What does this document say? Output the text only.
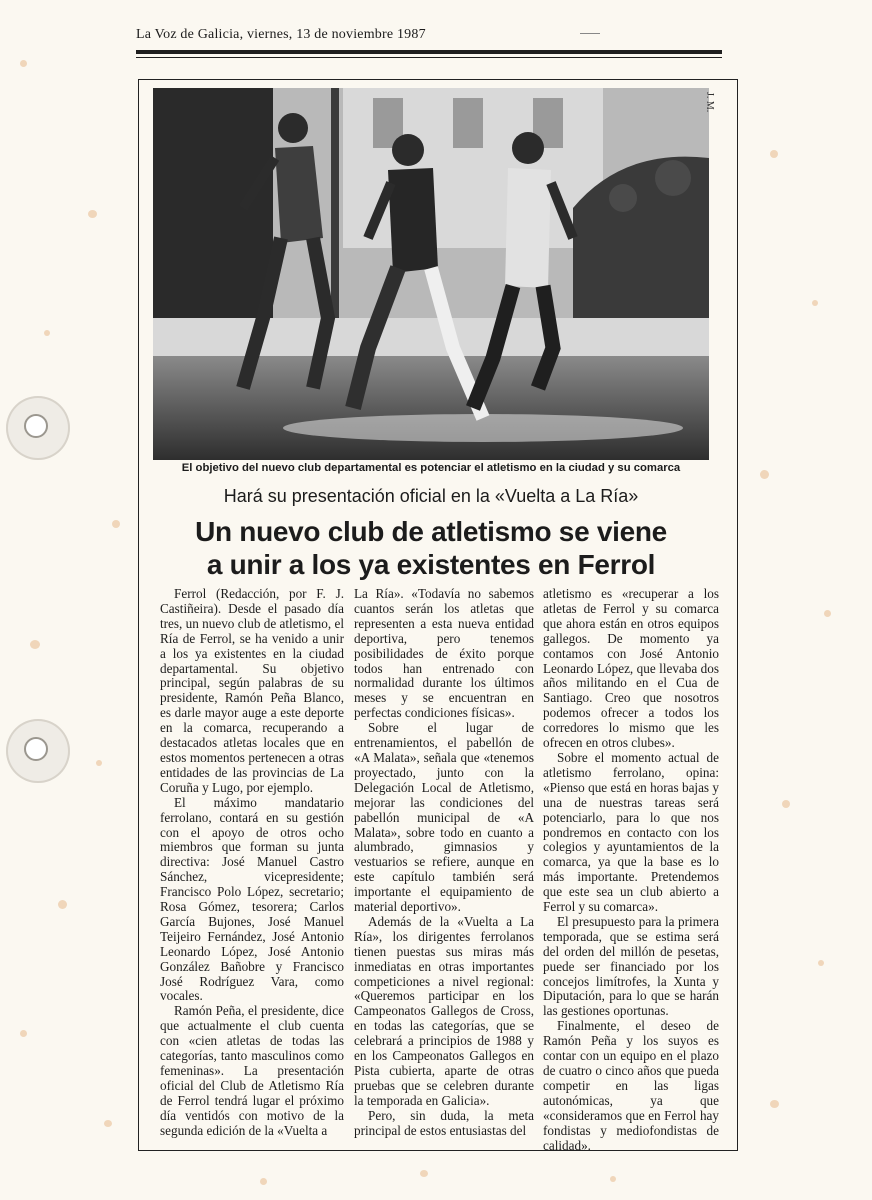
La Voz de Galicia, viernes, 13 de noviembre 1987
J. M.
El objetivo del nuevo club departamental es potenciar el atletismo en la ciudad y su comarca
Hará su presentación oficial en la «Vuelta a La Ría»
Un nuevo club de atletismo se viene
a unir a los ya existentes en Ferrol

Ferrol (Redacción, por F. J. Castiñeira). Desde el pasado día tres, un nuevo club de atletismo, el Ría de Ferrol, se ha venido a unir a los ya existentes en la ciudad departamental. Su objetivo principal, según palabras de su presidente, Ramón Peña Blanco, es darle mayor auge a este deporte en la comarca, recuperando a destacados atletas locales que en estos momentos pertenecen a otras entidades de las provincias de La Coruña y Lugo, por ejemplo.

El máximo mandatario ferrolano, contará en su gestión con el apoyo de otros ocho miembros que forman su junta directiva: José Manuel Castro Sánchez, vicepresidente; Francisco Polo López, secretario; Rosa Gómez, tesorera; Carlos García Bujones, José Manuel Teijeiro Fernández, José Antonio Leonardo López, José Antonio González Bañobre y Francisco José Rodríguez Vara, como vocales.

Ramón Peña, el presidente, dice que actualmente el club cuenta con «cien atletas de todas las categorías, tanto masculinos como femeninas». La presentación oficial del Club de Atletismo Ría de Ferrol tendrá lugar el próximo día ventidós con motivo de la segunda edición de la «Vuelta a

La Ría». «Todavía no sabemos cuantos serán los atletas que representen a esta nueva entidad deportiva, pero tenemos posibilidades de éxito porque todos han entrenado con normalidad durante los últimos meses y se encuentran en perfectas condiciones físicas».

Sobre el lugar de entrenamientos, el pabellón de «A Malata», señala que «tenemos proyectado, junto con la Delegación Local de Atletismo, mejorar las condiciones del pabellón municipal de «A Malata», sobre todo en cuanto a alumbrado, gimnasios y vestuarios se refiere, aunque en este capítulo también será importante el equipamiento de material deportivo».

Además de la «Vuelta a La Ría», los dirigentes ferrolanos tienen puestas sus miras más inmediatas en otras importantes competiciones a nivel regional: «Queremos participar en los Campeonatos Gallegos de Cross, en todas las categorías, que se celebrará a principios de 1988 y en los Campeonatos Gallegos en Pista cubierta, aparte de otras pruebas que se celebren durante la temporada en Galicia».

Pero, sin duda, la meta principal de estos entusiastas del

atletismo es «recuperar a los atletas de Ferrol y su comarca que ahora están en otros equipos gallegos. De momento ya contamos con José Antonio Leonardo López, que llevaba dos años militando en el Cua de Santiago. Creo que nosotros podemos ofrecer a todos los corredores lo mismo que les ofrecen en otros clubes».

Sobre el momento actual de atletismo ferrolano, opina: «Pienso que está en horas bajas y una de nuestras tareas será potenciarlo, para lo que nos pondremos en contacto con los colegios y ayuntamientos de la comarca, ya que la base es lo más importante. Pretendemos que este sea un club abierto a Ferrol y su comarca».

El presupuesto para la primera temporada, que se estima será del orden del millón de pesetas, puede ser financiado por los concejos limítrofes, la Xunta y Diputación, para lo que se harán las gestiones oportunas.

Finalmente, el deseo de Ramón Peña y los suyos es contar con un equipo en el plazo de cuatro o cinco años que pueda competir en las ligas autonómicas, ya que «consideramos que en Ferrol hay fondistas y mediofondistas de calidad».
